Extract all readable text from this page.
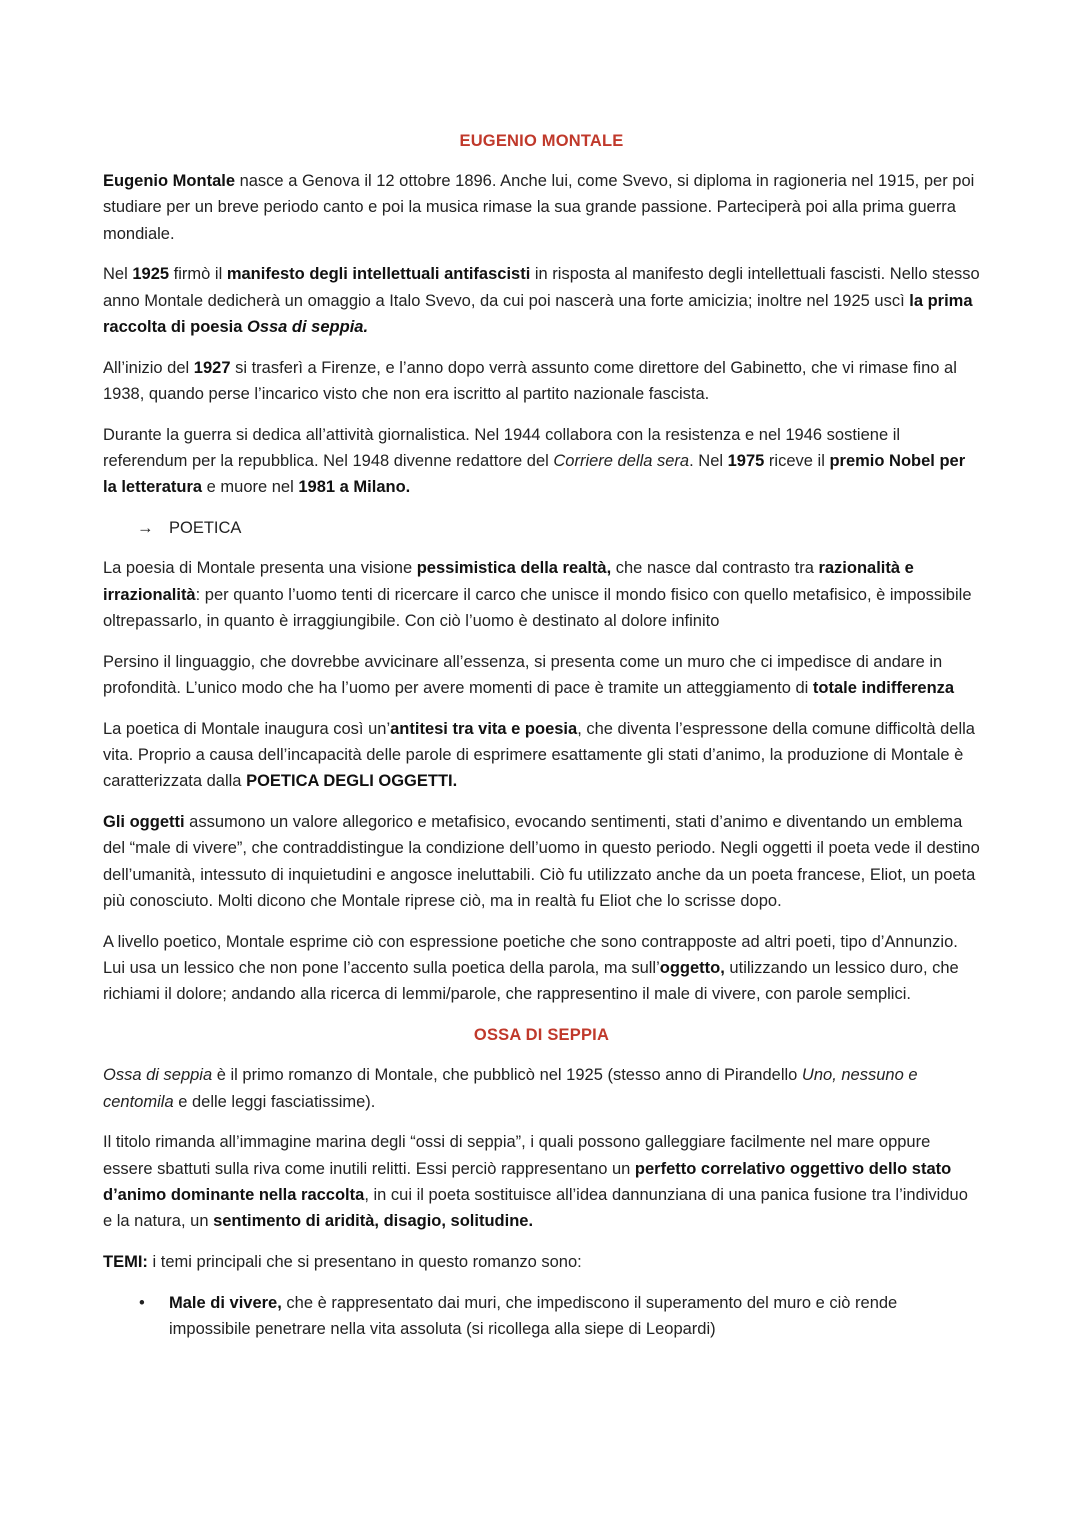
EUGENIO MONTALE

Eugenio Montale nasce a Genova il 12 ottobre 1896. Anche lui, come Svevo, si diploma in ragioneria nel 1915, per poi studiare per un breve periodo canto e poi la musica rimase la sua grande passione. Parteciperà poi alla prima guerra mondiale.

Nel 1925 firmò il manifesto degli intellettuali antifascisti in risposta al manifesto degli intellettuali fascisti. Nello stesso anno Montale dedicherà un omaggio a Italo Svevo, da cui poi nascerà una forte amicizia; inoltre nel 1925 uscì la prima raccolta di poesia Ossa di seppia.

All’inizio del 1927 si trasferì a Firenze, e l’anno dopo verrà assunto come direttore del Gabinetto, che vi rimase fino al 1938, quando perse l’incarico visto che non era iscritto al partito nazionale fascista.

Durante la guerra si dedica all’attività giornalistica. Nel 1944 collabora con la resistenza e nel 1946 sostiene il referendum per la repubblica. Nel 1948 divenne redattore del Corriere della sera. Nel 1975 riceve il premio Nobel per la letteratura e muore nel 1981 a Milano.

→ POETICA

La poesia di Montale presenta una visione pessimistica della realtà, che nasce dal contrasto tra razionalità e irrazionalità: per quanto l’uomo tenti di ricercare il carco che unisce il mondo fisico con quello metafisico, è impossibile oltrepassarlo, in quanto è irraggiungibile. Con ciò l’uomo è destinato al dolore infinito

Persino il linguaggio, che dovrebbe avvicinare all’essenza, si presenta come un muro che ci impedisce di andare in profondità. L’unico modo che ha l’uomo per avere momenti di pace è tramite un atteggiamento di totale indifferenza

La poetica di Montale inaugura così un’antitesi tra vita e poesia, che diventa l’espressone della comune difficoltà della vita. Proprio a causa dell’incapacità delle parole di esprimere esattamente gli stati d’animo, la produzione di Montale è caratterizzata dalla POETICA DEGLI OGGETTI.

Gli oggetti assumono un valore allegorico e metafisico, evocando sentimenti, stati d’animo e diventando un emblema del “male di vivere”, che contraddistingue la condizione dell’uomo in questo periodo. Negli oggetti il poeta vede il destino dell’umanità, intessuto di inquietudini e angosce ineluttabili. Ciò fu utilizzato anche da un poeta francese, Eliot, un poeta più conosciuto. Molti dicono che Montale riprese ciò, ma in realtà fu Eliot che lo scrisse dopo.

A livello poetico, Montale esprime ciò con espressione poetiche che sono contrapposte ad altri poeti, tipo d’Annunzio. Lui usa un lessico che non pone l’accento sulla poetica della parola, ma sull’oggetto, utilizzando un lessico duro, che richiami il dolore; andando alla ricerca di lemmi/parole, che rappresentino il male di vivere, con parole semplici.

OSSA DI SEPPIA

Ossa di seppia è il primo romanzo di Montale, che pubblicò nel 1925 (stesso anno di Pirandello Uno, nessuno e centomila e delle leggi fasciatissime).

Il titolo rimanda all’immagine marina degli “ossi di seppia”, i quali possono galleggiare facilmente nel mare oppure essere sbattuti sulla riva come inutili relitti. Essi perciò rappresentano un perfetto correlativo oggettivo dello stato d’animo dominante nella raccolta, in cui il poeta sostituisce all’idea dannunziana di una panica fusione tra l’individuo e la natura, un sentimento di aridità, disagio, solitudine.

TEMI: i temi principali che si presentano in questo romanzo sono:

• Male di vivere, che è rappresentato dai muri, che impediscono il superamento del muro e ciò rende impossibile penetrare nella vita assoluta (si ricollega alla siepe di Leopardi)
